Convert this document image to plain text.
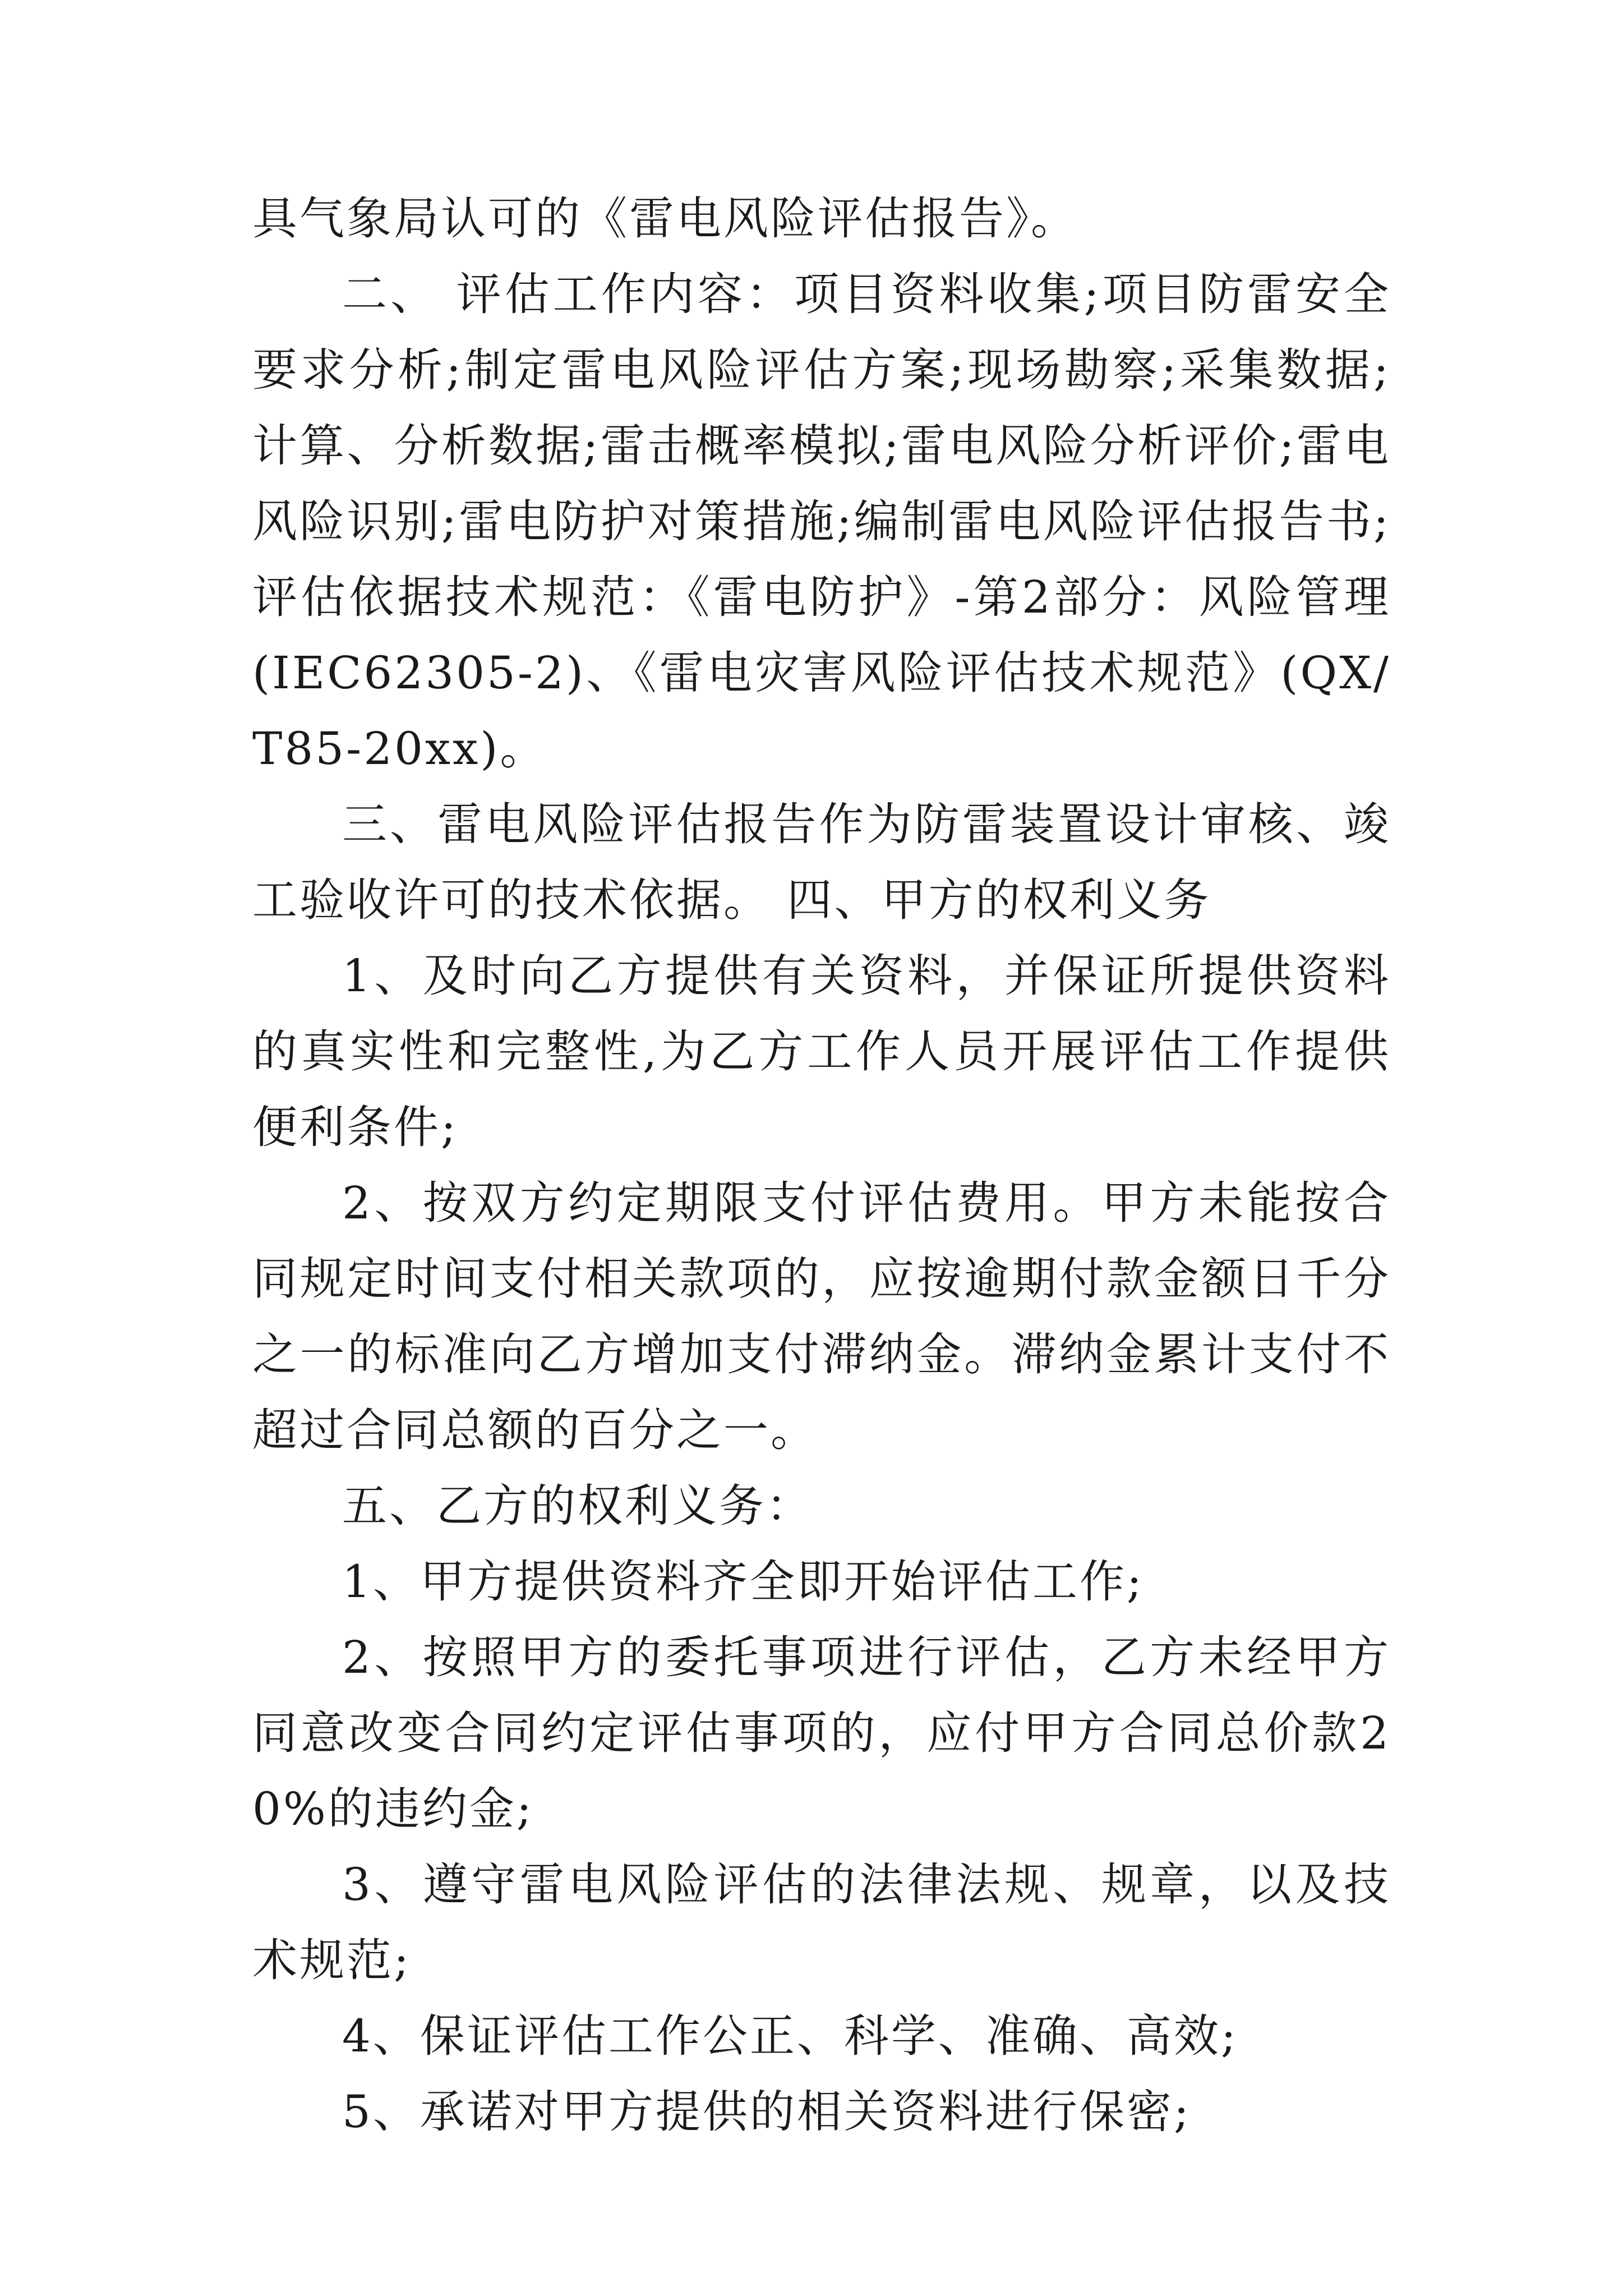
具气象局认可的《雷电风险评估报告》。

二、 评估工作内容：项目资料收集;项目防雷安全要求分析;制定雷电风险评估方案;现场勘察;采集数据;计算、分析数据;雷击概率模拟;雷电风险分析评价;雷电风险识别;雷电防护对策措施;编制雷电风险评估报告书;评估依据技术规范：《雷电防护》-第2部分：风险管理(IEC62305-2)、《雷电灾害风险评估技术规范》(QX/T85-20xx)。

三、雷电风险评估报告作为防雷装置设计审核、竣工验收许可的技术依据。 四、甲方的权利义务

1、及时向乙方提供有关资料，并保证所提供资料的真实性和完整性,为乙方工作人员开展评估工作提供便利条件;

2、按双方约定期限支付评估费用。甲方未能按合同规定时间支付相关款项的，应按逾期付款金额日千分之一的标准向乙方增加支付滞纳金。滞纳金累计支付不超过合同总额的百分之一。

五、乙方的权利义务：

1、甲方提供资料齐全即开始评估工作;

2、按照甲方的委托事项进行评估，乙方未经甲方同意改变合同约定评估事项的，应付甲方合同总价款20%的违约金;

3、遵守雷电风险评估的法律法规、规章，以及技术规范;

4、保证评估工作公正、科学、准确、高效;

5、承诺对甲方提供的相关资料进行保密;
